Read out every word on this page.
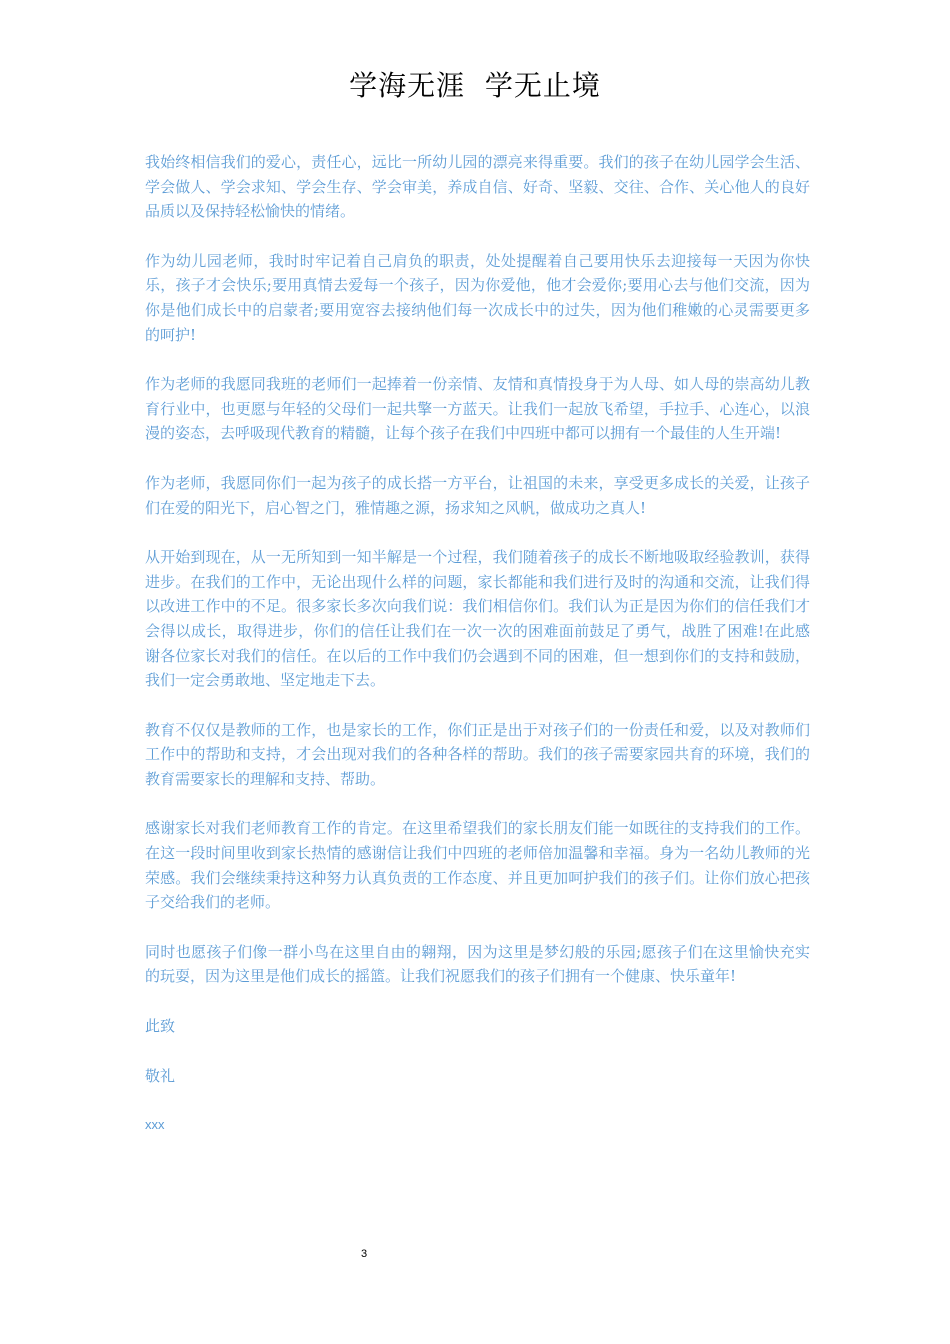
学海无涯  学无止境

我始终相信我们的爱心，责任心，远比一所幼儿园的漂亮来得重要。我们的孩子在幼儿园学会生活、学会做人、学会求知、学会生存、学会审美，养成自信、好奇、坚毅、交往、合作、关心他人的良好品质以及保持轻松愉快的情绪。

作为幼儿园老师，我时时牢记着自己肩负的职责，处处提醒着自己要用快乐去迎接每一天因为你快乐，孩子才会快乐;要用真情去爱每一个孩子，因为你爱他，他才会爱你;要用心去与他们交流，因为你是他们成长中的启蒙者;要用宽容去接纳他们每一次成长中的过失，因为他们稚嫩的心灵需要更多的呵护!

作为老师的我愿同我班的老师们一起捧着一份亲情、友情和真情投身于为人母、如人母的崇高幼儿教育行业中，也更愿与年轻的父母们一起共擎一方蓝天。让我们一起放飞希望，手拉手、心连心，以浪漫的姿态，去呼吸现代教育的精髓，让每个孩子在我们中四班中都可以拥有一个最佳的人生开端!

作为老师，我愿同你们一起为孩子的成长搭一方平台，让祖国的未来，享受更多成长的关爱，让孩子们在爱的阳光下，启心智之门，雅情趣之源，扬求知之风帆，做成功之真人!

从开始到现在，从一无所知到一知半解是一个过程，我们随着孩子的成长不断地吸取经验教训，获得进步。在我们的工作中，无论出现什么样的问题，家长都能和我们进行及时的沟通和交流，让我们得以改进工作中的不足。很多家长多次向我们说：我们相信你们。我们认为正是因为你们的信任我们才会得以成长，取得进步，你们的信任让我们在一次一次的困难面前鼓足了勇气，战胜了困难!在此感谢各位家长对我们的信任。在以后的工作中我们仍会遇到不同的困难，但一想到你们的支持和鼓励，我们一定会勇敢地、坚定地走下去。

教育不仅仅是教师的工作，也是家长的工作，你们正是出于对孩子们的一份责任和爱，以及对教师们工作中的帮助和支持，才会出现对我们的各种各样的帮助。我们的孩子需要家园共育的环境，我们的教育需要家长的理解和支持、帮助。

感谢家长对我们老师教育工作的肯定。在这里希望我们的家长朋友们能一如既往的支持我们的工作。在这一段时间里收到家长热情的感谢信让我们中四班的老师倍加温馨和幸福。身为一名幼儿教师的光荣感。我们会继续秉持这种努力认真负责的工作态度、并且更加呵护我们的孩子们。让你们放心把孩子交给我们的老师。

同时也愿孩子们像一群小鸟在这里自由的翱翔，因为这里是梦幻般的乐园;愿孩子们在这里愉快充实的玩耍，因为这里是他们成长的摇篮。让我们祝愿我们的孩子们拥有一个健康、快乐童年!

此致

敬礼

xxx

3
